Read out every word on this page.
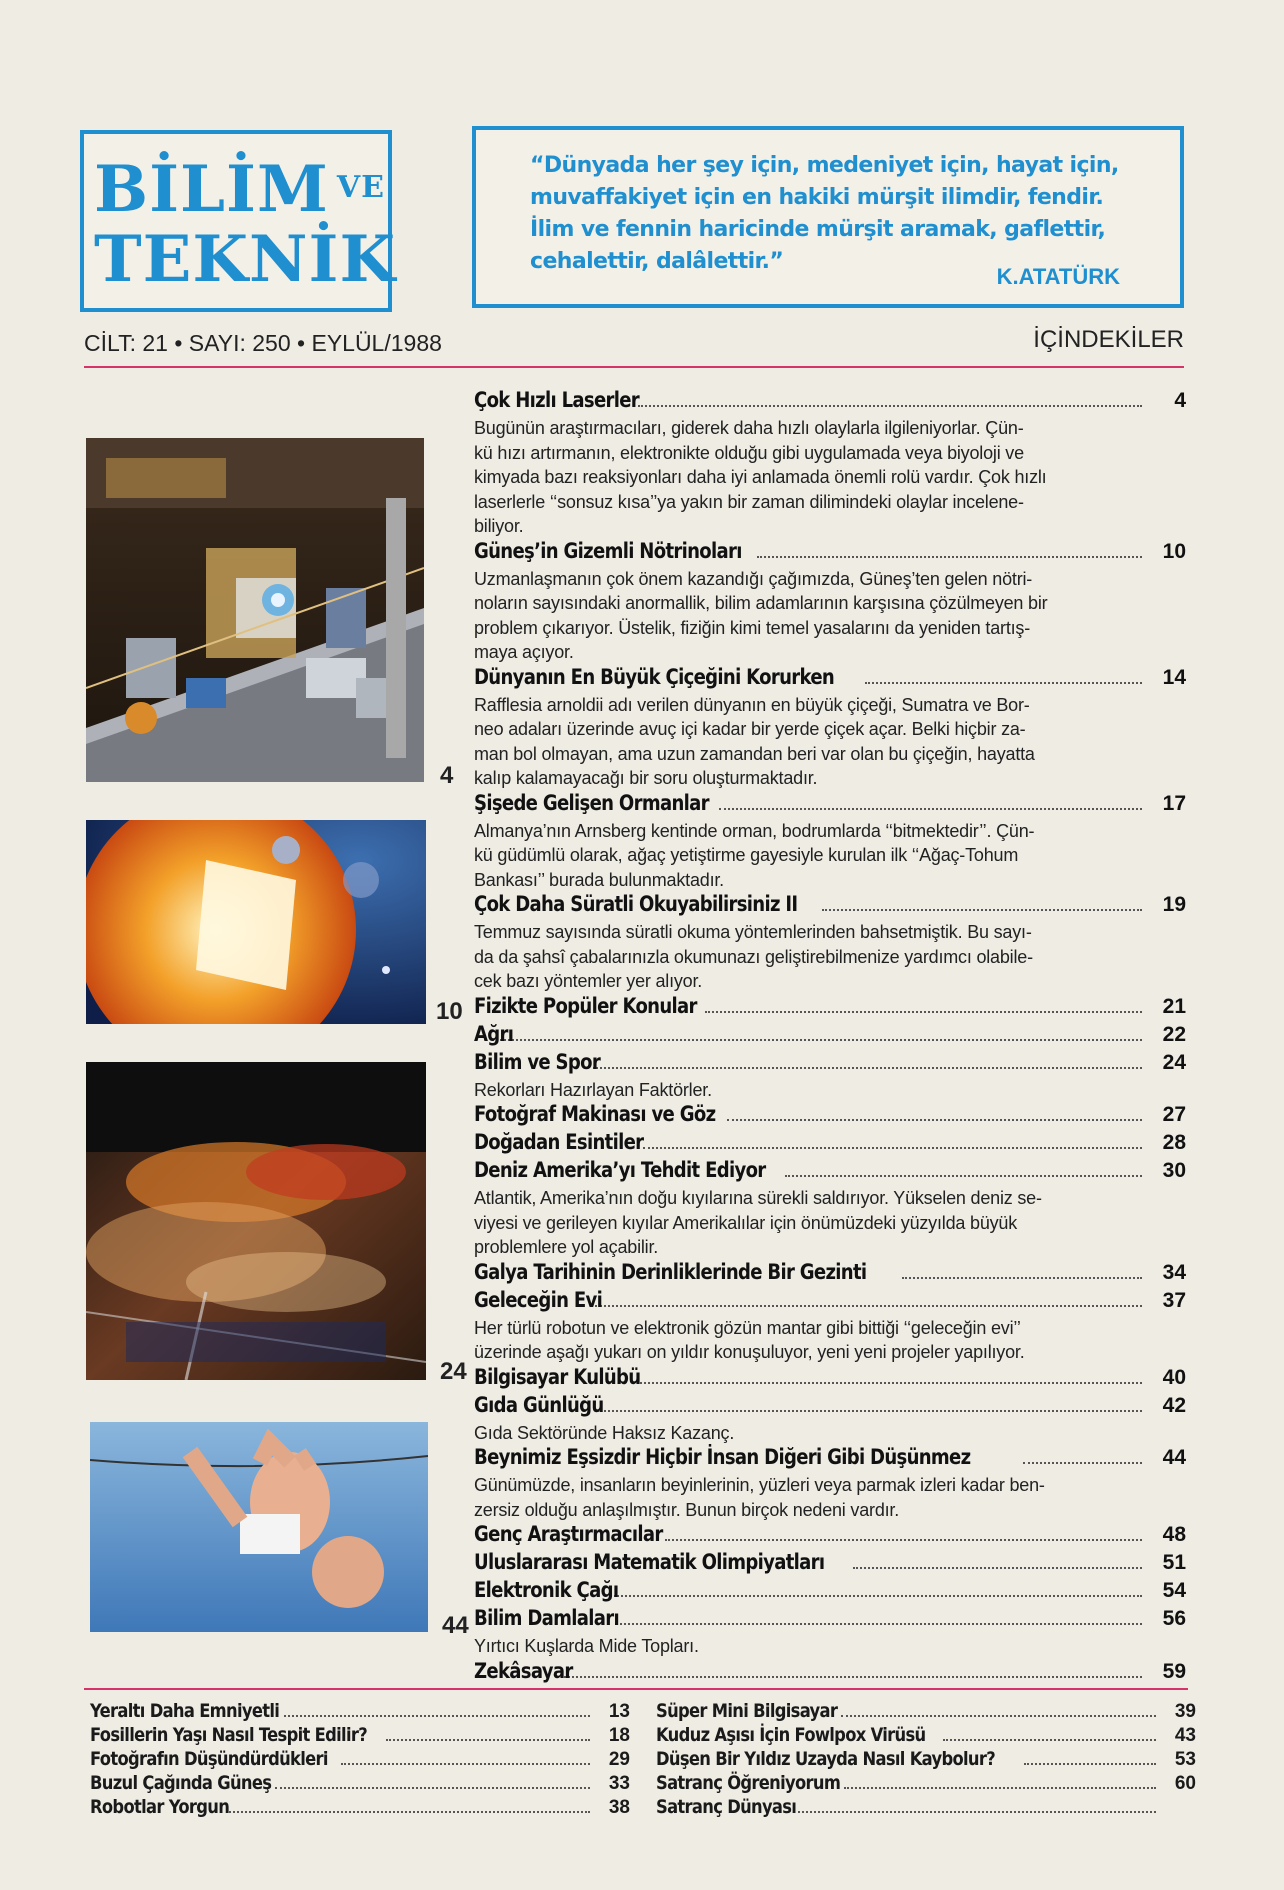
BİLİM $^{VE}$
TEKNİK
“Dünyada her şey için, medeniyet için, hayat için, muvaffakiyet için en hakiki mürşit ilimdir, fendir. İlim ve fennin haricinde mürşit aramak, gaflettir, cehalettir, dalâlettir.”
K.ATATÜRK
CİLT: 21 • SAYI: 250 • EYLÜL/1988	İÇİNDEKİLER
4
10
24
44
Çok Hızlı Laserler	4
Bugünün araştırmacıları, giderek daha hızlı olaylarla ilgileniyorlar. Çün-
kü hızı artırmanın, elektronikte olduğu gibi uygulamada veya biyoloji ve
kimyada bazı reaksiyonları daha iyi anlamada önemli rolü vardır. Çok hızlı
laserlerle ‘‘sonsuz kısa’’ya yakın bir zaman dilimindeki olaylar incelene-
biliyor.
Güneş’in Gizemli Nötrinoları	10
Uzmanlaşmanın çok önem kazandığı çağımızda, Güneş’ten gelen nötri-
noların sayısındaki anormallik, bilim adamlarının karşısına çözülmeyen bir
problem çıkarıyor. Üstelik, fiziğin kimi temel yasalarını da yeniden tartış-
maya açıyor.
Dünyanın En Büyük Çiçeğini Korurken	14
Rafflesia arnoldii adı verilen dünyanın en büyük çiçeği, Sumatra ve Bor-
neo adaları üzerinde avuç içi kadar bir yerde çiçek açar. Belki hiçbir za-
man bol olmayan, ama uzun zamandan beri var olan bu çiçeğin, hayatta
kalıp kalamayacağı bir soru oluşturmaktadır.
Şişede Gelişen Ormanlar	17
Almanya’nın Arnsberg kentinde orman, bodrumlarda ‘‘bitmektedir’’. Çün-
kü güdümlü olarak, ağaç yetiştirme gayesiyle kurulan ilk ‘‘Ağaç-Tohum
Bankası’’ burada bulunmaktadır.
Çok Daha Süratli Okuyabilirsiniz II	19
Temmuz sayısında süratli okuma yöntemlerinden bahsetmiştik. Bu sayı-
da da şahsî çabalarınızla okumunazı geliştirebilmenize yardımcı olabile-
cek bazı yöntemler yer alıyor.
Fizikte Popüler Konular	21
Ağrı	22
Bilim ve Spor	24
Rekorları Hazırlayan Faktörler.
Fotoğraf Makinası ve Göz	27
Doğadan Esintiler	28
Deniz Amerika’yı Tehdit Ediyor	30
Atlantik, Amerika’nın doğu kıyılarına sürekli saldırıyor. Yükselen deniz se-
viyesi ve gerileyen kıyılar Amerikalılar için önümüzdeki yüzyılda büyük
problemlere yol açabilir.
Galya Tarihinin Derinliklerinde Bir Gezinti	34
Geleceğin Evi	37
Her türlü robotun ve elektronik gözün mantar gibi bittiği ‘‘geleceğin evi’’
üzerinde aşağı yukarı on yıldır konuşuluyor, yeni yeni projeler yapılıyor.
Bilgisayar Kulübü	40
Gıda Günlüğü	42
Gıda Sektöründe Haksız Kazanç.
Beynimiz Eşsizdir Hiçbir İnsan Diğeri Gibi Düşünmez	44
Günümüzde, insanların beyinlerinin, yüzleri veya parmak izleri kadar ben-
zersiz olduğu anlaşılmıştır. Bunun birçok nedeni vardır.
Genç Araştırmacılar	48
Uluslararası Matematik Olimpiyatları	51
Elektronik Çağı	54
Bilim Damlaları	56
Yırtıcı Kuşlarda Mide Topları.
Zekâsayar	59
Yeraltı Daha Emniyetli	13
Fosillerin Yaşı Nasıl Tespit Edilir?	18
Fotoğrafın Düşündürdükleri	29
Buzul Çağında Güneş	33
Robotlar Yorgun	38
Süper Mini Bilgisayar	39
Kuduz Aşısı İçin Fowlpox Virüsü	43
Düşen Bir Yıldız Uzayda Nasıl Kaybolur?	53
Satranç Öğreniyorum	60
Satranç Dünyası
